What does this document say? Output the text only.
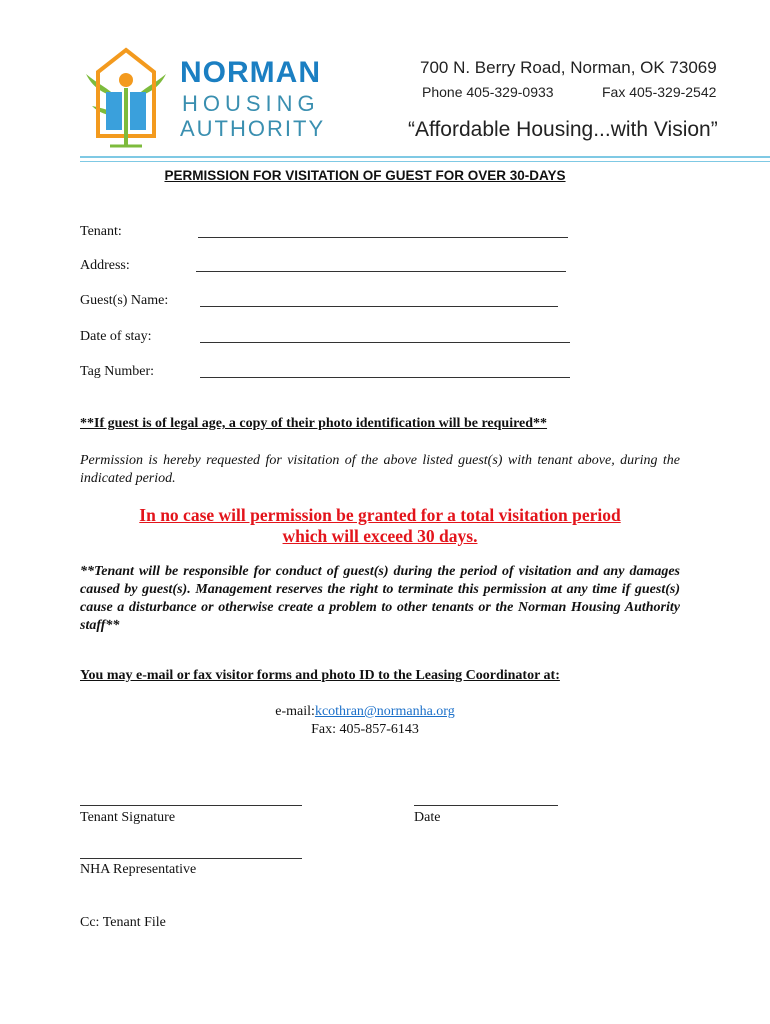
NORMAN
HOUSING
AUTHORITY
700 N. Berry Road, Norman, OK 73069
Phone 405-329-0933	Fax 405-329-2542
“Affordable Housing...with Vision”
PERMISSION FOR VISITATION OF GUEST FOR OVER 30-DAYS
Tenant:
Address:
Guest(s) Name:
Date of stay:
Tag Number:
**If guest is of legal age, a copy of their photo identification will be required**
Permission is hereby requested for visitation of the above listed guest(s) with tenant above, during the indicated period.
In no case will permission be granted for a total visitation period
which will exceed 30 days.
**Tenant will be responsible for conduct of guest(s) during the period of visitation and any damages caused by guest(s). Management reserves the right to terminate this permission at any time if guest(s) cause a disturbance or otherwise create a problem to other tenants or the Norman Housing Authority staff**
You may e-mail or fax visitor forms and photo ID to the Leasing Coordinator at:
e-mail:kcothran@normanha.org
Fax: 405-857-6143
Tenant Signature	Date
NHA Representative
Cc: Tenant File
